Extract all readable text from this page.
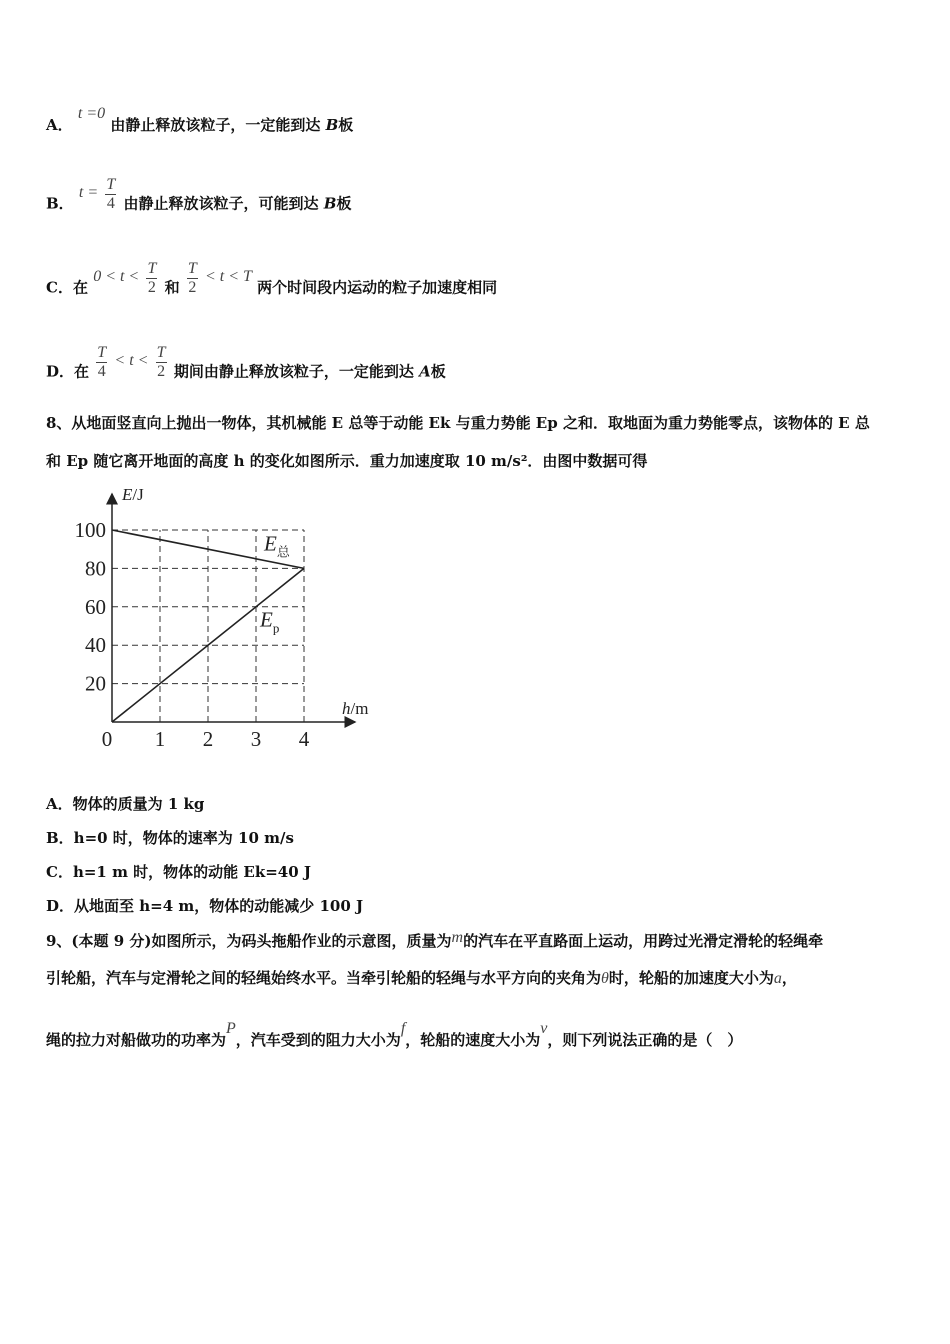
A． t =0 由静止释放该粒子，一定能到达 B板
B． $t = \frac{T}{4}$ 由静止释放该粒子，可能到达 B板
C．在 $0 < t < \frac{T}{2}$ 和 $\frac{T}{2} < t < T$ 两个时间段内运动的粒子加速度相同
D．在 $\frac{T}{4} < t < \frac{T}{2}$ 期间由静止释放该粒子，一定能到达 A板
8、从地面竖直向上抛出一物体，其机械能 E 总等于动能 Ek 与重力势能 Ep 之和．取地面为重力势能零点，该物体的 E 总
和 Ep 随它离开地面的高度 h 的变化如图所示．重力加速度取 10 m/s²．由图中数据可得
E/J
h/m
20
40
60
80
100
0 1 2 3 4
$E_总$
$E_p$
A．物体的质量为 1 kg
B．h=0 时，物体的速率为 10 m/s
C．h=1 m 时，物体的动能 Ek=40 J
D．从地面至 h=4 m，物体的动能减少 100 J
9、(本题 9 分)如图所示，为码头拖船作业的示意图，质量为m的汽车在平直路面上运动，用跨过光滑定滑轮的轻绳牵
引轮船，汽车与定滑轮之间的轻绳始终水平。当牵引轮船的轻绳与水平方向的夹角为θ时，轮船的加速度大小为a，
绳的拉力对船做功的功率为P，汽车受到的阻力大小为f，轮船的速度大小为v，则下列说法正确的是（　）
